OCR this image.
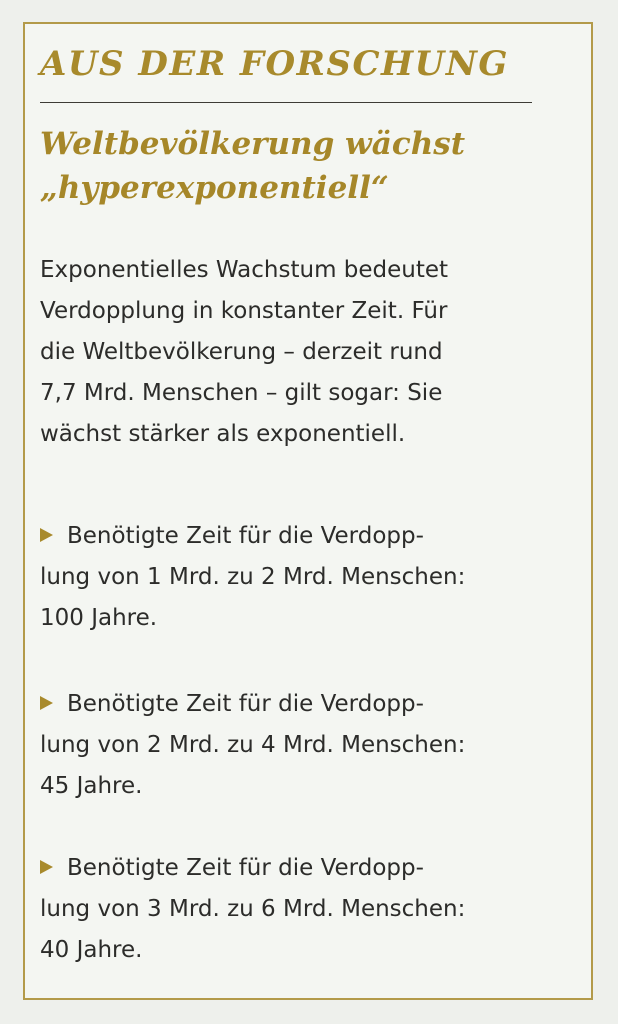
AUS DER FORSCHUNG
Weltbevölkerung wächst
„hyperexponentiell“

Exponentielles Wachstum bedeutet
Verdopplung in konstanter Zeit. Für
die Weltbevölkerung – derzeit rund
7,7 Mrd. Menschen – gilt sogar: Sie
wächst stärker als exponentiell.

Benötigte Zeit für die Verdopp-
lung von 1 Mrd. zu 2 Mrd. Menschen:
100 Jahre.

Benötigte Zeit für die Verdopp-
lung von 2 Mrd. zu 4 Mrd. Menschen:
45 Jahre.

Benötigte Zeit für die Verdopp-
lung von 3 Mrd. zu 6 Mrd. Menschen:
40 Jahre.
